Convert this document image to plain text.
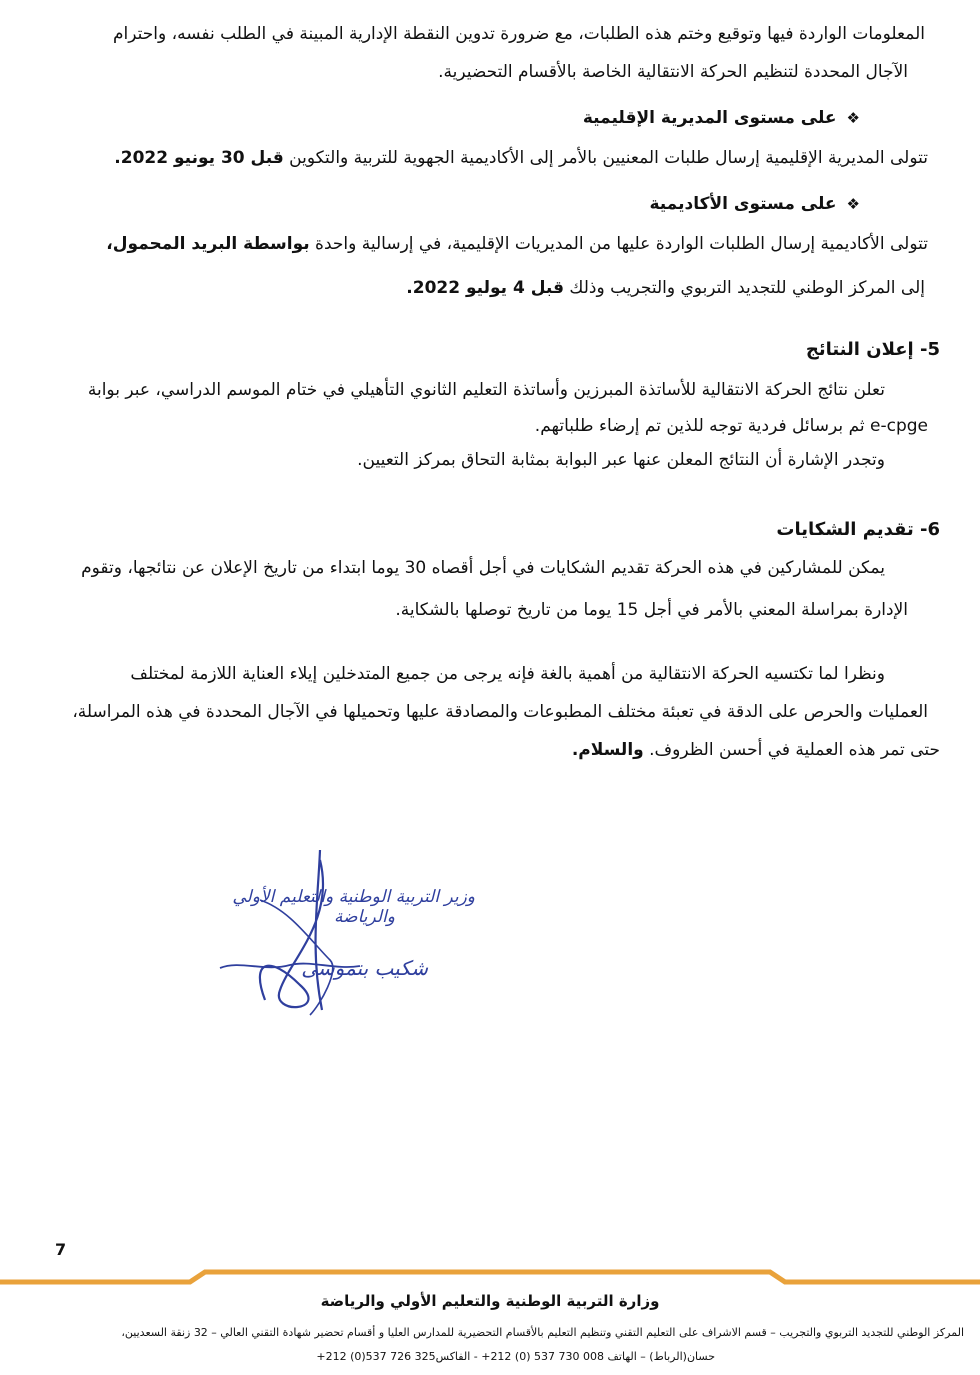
المعلومات الواردة فيها وتوقيع وختم هذه الطلبات، مع ضرورة تدوين النقطة الإدارية المبينة في الطلب نفسه، واحترام
الآجال المحددة لتنظيم الحركة الانتقالية الخاصة بالأقسام التحضيرية.
❖على مستوى المديرية الإقليمية
تتولى المديرية الإقليمية إرسال طلبات المعنيين بالأمر إلى الأكاديمية الجهوية للتربية والتكوين قبل 30 يونيو 2022.
❖على مستوى الأكاديمية
تتولى الأكاديمية إرسال الطلبات الواردة عليها من المديريات الإقليمية، في إرسالية واحدة بواسطة البريد المحمول،
إلى المركز الوطني للتجديد التربوي والتجريب وذلك قبل 4 يوليو 2022.
5- إعلان النتائج
تعلن نتائج الحركة الانتقالية للأساتذة المبرزين وأساتذة التعليم الثانوي التأهيلي في ختام الموسم الدراسي، عبر بوابة
e-cpge ثم برسائل فردية توجه للذين تم إرضاء طلباتهم.
وتجدر الإشارة أن النتائج المعلن عنها عبر البوابة بمثابة التحاق بمركز التعيين.
6- تقديم الشكايات
يمكن للمشاركين في هذه الحركة تقديم الشكايات في أجل أقصاه 30 يوما ابتداء من تاريخ الإعلان عن نتائجها، وتقوم
الإدارة بمراسلة المعني بالأمر في أجل 15 يوما من تاريخ توصلها بالشكاية.
ونظرا لما تكتسيه الحركة الانتقالية من أهمية بالغة فإنه يرجى من جميع المتدخلين إيلاء العناية اللازمة لمختلف
العمليات والحرص على الدقة في تعبئة مختلف المطبوعات والمصادقة عليها وتحميلها في الآجال المحددة في هذه المراسلة،
حتى تمر هذه العملية في أحسن الظروف. والسلام.
وزير التربية الوطنية والتعليم الأولي
والرياضة
شكيب بنموسى
7
وزارة التربية الوطنية والتعليم الأولي والرياضة
المركز الوطني للتجديد التربوي والتجريب – قسم الاشراف على التعليم التقني وتنظيم التعليم بالأقسام التحضيرية للمدارس العليا و أقسام تحضير شهادة التقني العالي – 32 زنقة السعديين،
حسان(الرباط) – الهاتف 008 730 537 (0) 212+ - الفاكس325 726 537(0) 212+
